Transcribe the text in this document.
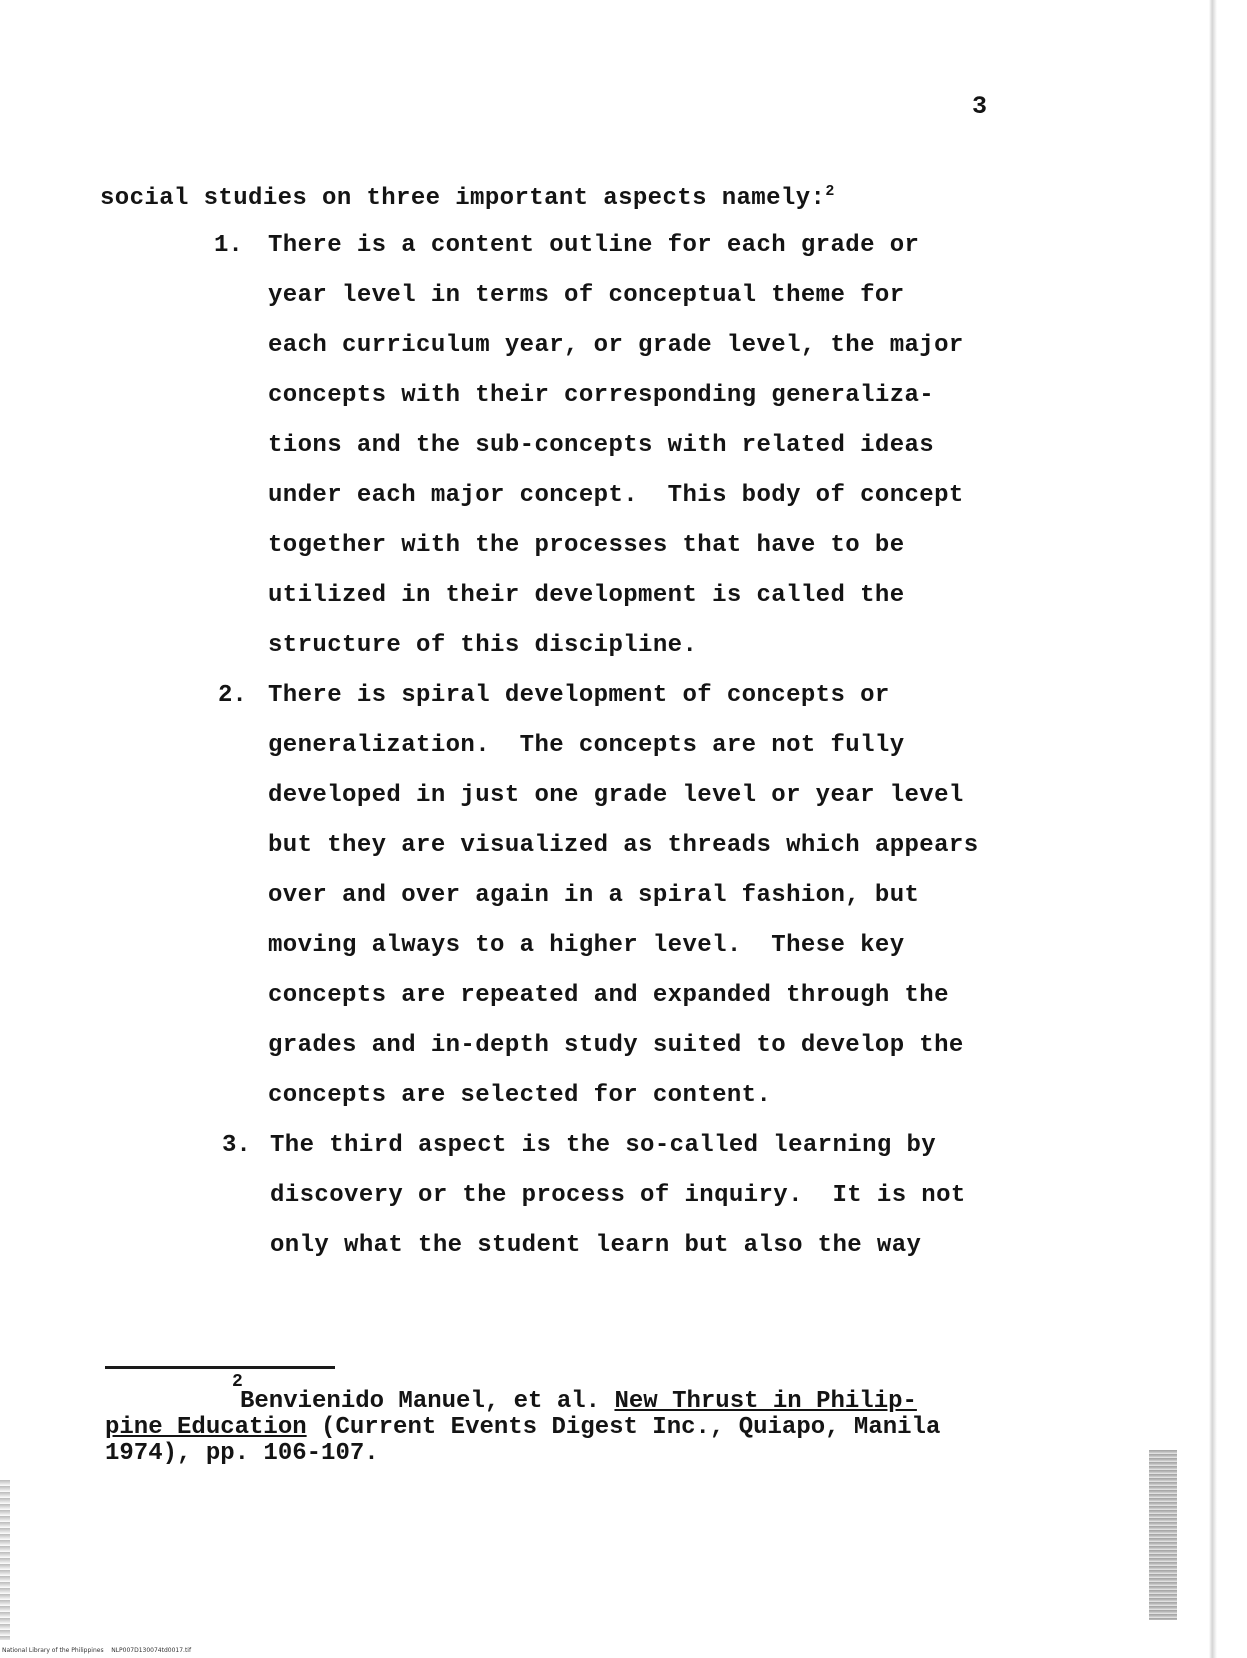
3
social studies on three important aspects namely:$^2$
1. There is a content outline for each grade or
year level in terms of conceptual theme for
each curriculum year, or grade level, the major
concepts with their corresponding generaliza-
tions and the sub-concepts with related ideas
under each major concept.  This body of concept
together with the processes that have to be
utilized in their development is called the
structure of this discipline.
2. There is spiral development of concepts or
generalization.  The concepts are not fully
developed in just one grade level or year level
but they are visualized as threads which appears
over and over again in a spiral fashion, but
moving always to a higher level.  These key
concepts are repeated and expanded through the
grades and in-depth study suited to develop the
concepts are selected for content.
3. The third aspect is the so-called learning by
discovery or the process of inquiry.  It is not
only what the student learn but also the way
2
Benvienido Manuel, et al. New Thrust in Philip-
pine Education (Current Events Digest Inc., Quiapo, Manila
1974), pp. 106-107.
National Library of the Philippines    NLP007D130074td0017.tif
